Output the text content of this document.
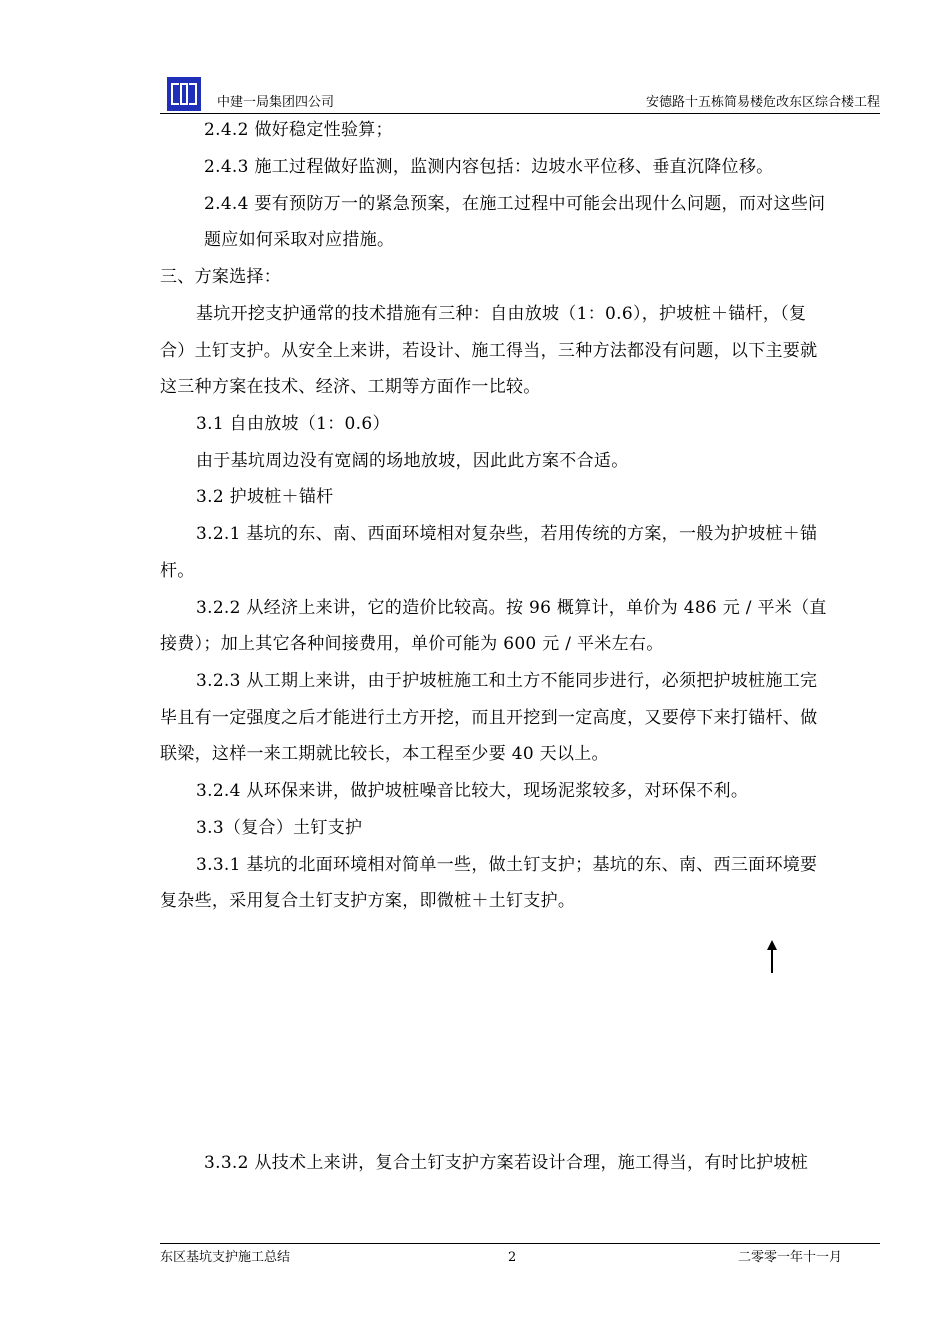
中建一局集团四公司	安德路十五栋简易楼危改东区综合楼工程
2.4.2 做好稳定性验算；
2.4.3 施工过程做好监测，监测内容包括：边坡水平位移、垂直沉降位移。
2.4.4 要有预防万一的紧急预案，在施工过程中可能会出现什么问题，而对这些问
题应如何采取对应措施。
三、方案选择：
基坑开挖支护通常的技术措施有三种：自由放坡（1：0.6），护坡桩＋锚杆，（复
合）土钉支护。从安全上来讲，若设计、施工得当，三种方法都没有问题，以下主要就
这三种方案在技术、经济、工期等方面作一比较。
3.1 自由放坡（1：0.6）
由于基坑周边没有宽阔的场地放坡，因此此方案不合适。
3.2 护坡桩＋锚杆
3.2.1 基坑的东、南、西面环境相对复杂些，若用传统的方案，一般为护坡桩＋锚
杆。
3.2.2 从经济上来讲，它的造价比较高。按 96 概算计，单价为 486 元 / 平米（直
接费）；加上其它各种间接费用，单价可能为 600 元 / 平米左右。
3.2.3 从工期上来讲，由于护坡桩施工和土方不能同步进行，必须把护坡桩施工完
毕且有一定强度之后才能进行土方开挖，而且开挖到一定高度，又要停下来打锚杆、做
联梁，这样一来工期就比较长，本工程至少要 40 天以上。
3.2.4 从环保来讲，做护坡桩噪音比较大，现场泥浆较多，对环保不利。
3.3（复合）土钉支护
3.3.1 基坑的北面环境相对简单一些，做土钉支护；基坑的东、南、西三面环境要
复杂些，采用复合土钉支护方案，即微桩＋土钉支护。
3.3.2 从技术上来讲，复合土钉支护方案若设计合理，施工得当，有时比护坡桩
东区基坑支护施工总结	2	二零零一年十一月
